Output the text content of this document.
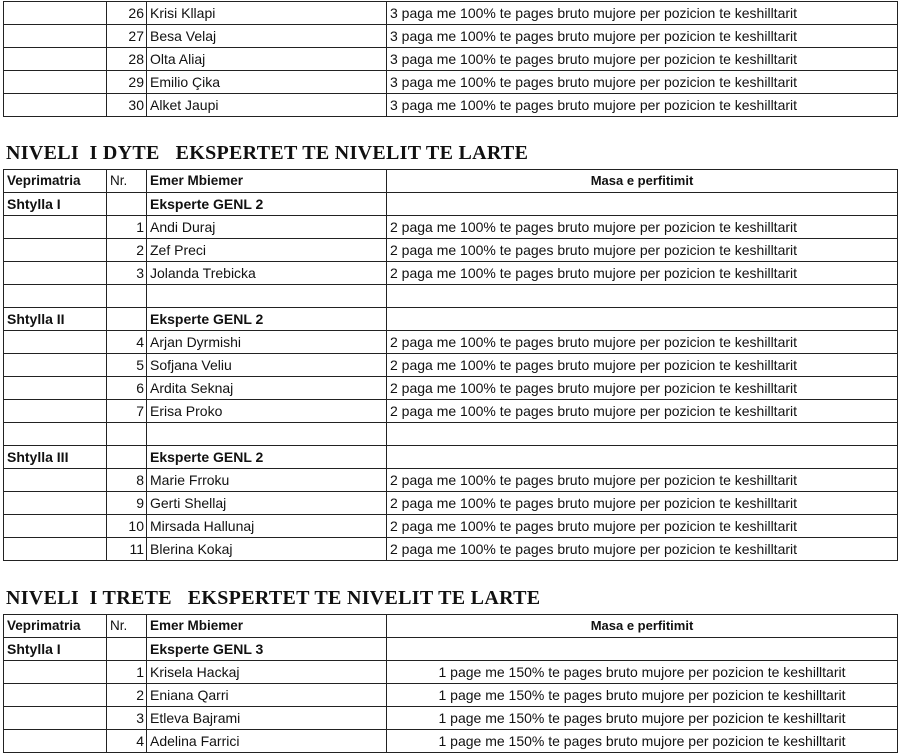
	26	Krisi Kllapi	3 paga me 100% te pages bruto mujore per pozicion te keshilltarit
	27	Besa Velaj	3 paga me 100% te pages bruto mujore per pozicion te keshilltarit
	28	Olta Aliaj	3 paga me 100% te pages bruto mujore per pozicion te keshilltarit
	29	Emilio Çika	3 paga me 100% te pages bruto mujore per pozicion te keshilltarit
	30	Alket Jaupi	3 paga me 100% te pages bruto mujore per pozicion te keshilltarit
NIVELI  I DYTE   EKSPERTET TE NIVELIT TE LARTE
Veprimatria	Nr.	Emer Mbiemer	Masa e perfitimit
Shtylla I		Eksperte GENL 2	
	1	Andi Duraj	2 paga me 100% te pages bruto mujore per pozicion te keshilltarit
	2	Zef Preci	2 paga me 100% te pages bruto mujore per pozicion te keshilltarit
	3	Jolanda Trebicka	2 paga me 100% te pages bruto mujore per pozicion te keshilltarit

Shtylla II		Eksperte GENL 2	
	4	Arjan Dyrmishi	2 paga me 100% te pages bruto mujore per pozicion te keshilltarit
	5	Sofjana Veliu	2 paga me 100% te pages bruto mujore per pozicion te keshilltarit
	6	Ardita Seknaj	2 paga me 100% te pages bruto mujore per pozicion te keshilltarit
	7	Erisa Proko	2 paga me 100% te pages bruto mujore per pozicion te keshilltarit

Shtylla III		Eksperte GENL 2	
	8	Marie Frroku	2 paga me 100% te pages bruto mujore per pozicion te keshilltarit
	9	Gerti Shellaj	2 paga me 100% te pages bruto mujore per pozicion te keshilltarit
	10	Mirsada Hallunaj	2 paga me 100% te pages bruto mujore per pozicion te keshilltarit
	11	Blerina Kokaj	2 paga me 100% te pages bruto mujore per pozicion te keshilltarit
NIVELI  I TRETE   EKSPERTET TE NIVELIT TE LARTE
Veprimatria	Nr.	Emer Mbiemer	Masa e perfitimit
Shtylla I		Eksperte GENL 3	
	1	Krisela Hackaj	1 page me 150% te pages bruto mujore per pozicion te keshilltarit
	2	Eniana Qarri	1 page me 150% te pages bruto mujore per pozicion te keshilltarit
	3	Etleva Bajrami	1 page me 150% te pages bruto mujore per pozicion te keshilltarit
	4	Adelina Farrici	1 page me 150% te pages bruto mujore per pozicion te keshilltarit
